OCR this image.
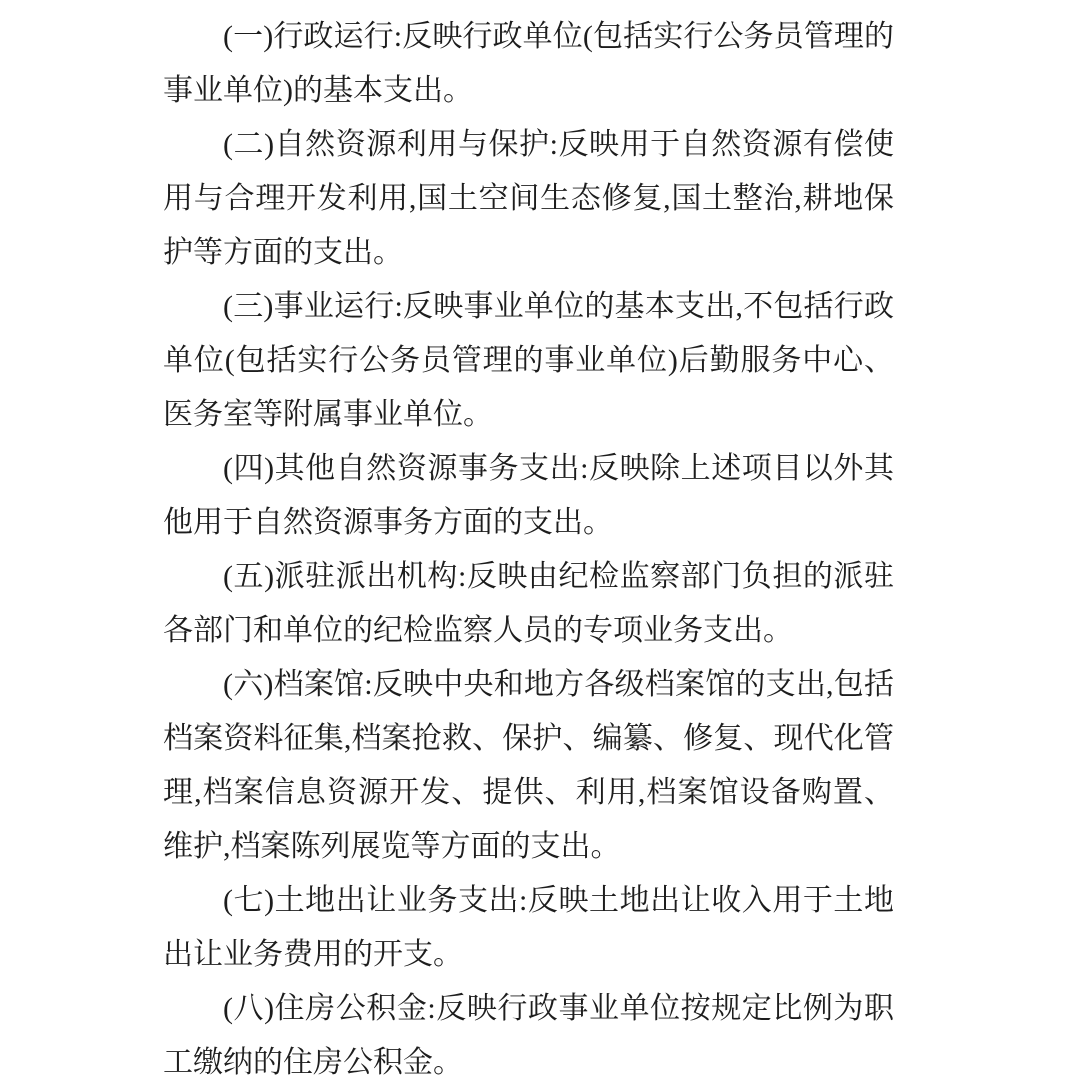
(一)行政运行:反映行政单位(包括实行公务员管理的事业单位)的基本支出。

(二)自然资源利用与保护:反映用于自然资源有偿使用与合理开发利用,国土空间生态修复,国土整治,耕地保护等方面的支出。

(三)事业运行:反映事业单位的基本支出,不包括行政单位(包括实行公务员管理的事业单位)后勤服务中心、医务室等附属事业单位。

(四)其他自然资源事务支出:反映除上述项目以外其他用于自然资源事务方面的支出。

(五)派驻派出机构:反映由纪检监察部门负担的派驻各部门和单位的纪检监察人员的专项业务支出。

(六)档案馆:反映中央和地方各级档案馆的支出,包括档案资料征集,档案抢救、保护、编纂、修复、现代化管理,档案信息资源开发、提供、利用,档案馆设备购置、维护,档案陈列展览等方面的支出。

(七)土地出让业务支出:反映土地出让收入用于土地出让业务费用的开支。

(八)住房公积金:反映行政事业单位按规定比例为职工缴纳的住房公积金。
